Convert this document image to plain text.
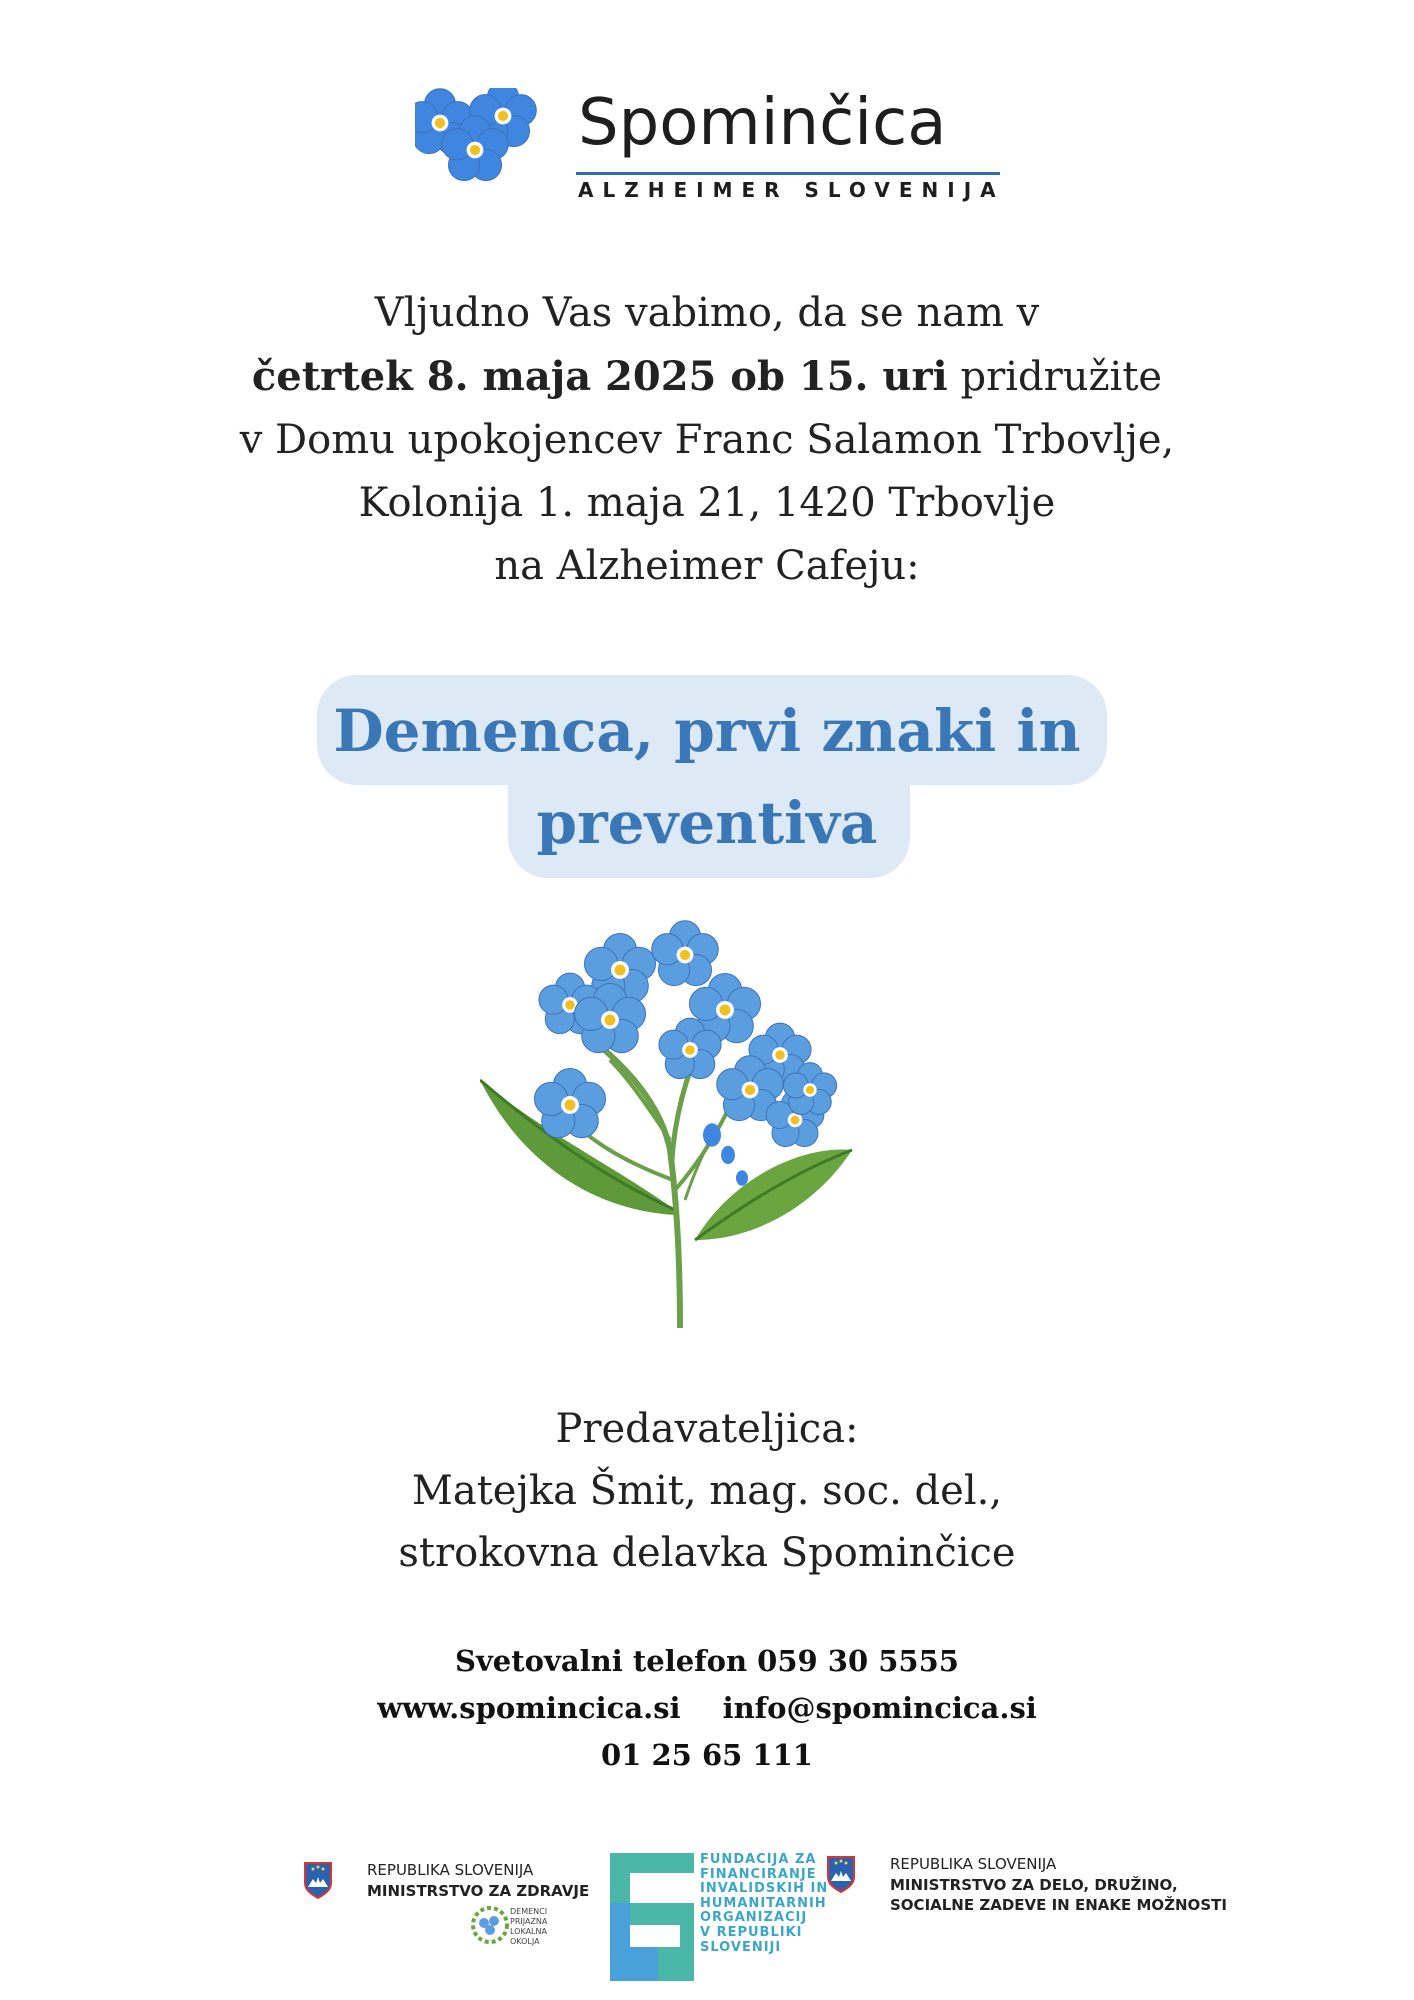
Spominčica
ALZHEIMER SLOVENIJA
Vljudno Vas vabimo, da se nam v
četrtek 8. maja 2025 ob 15. uri pridružite
v Domu upokojencev Franc Salamon Trbovlje,
Kolonija 1. maja 21, 1420 Trbovlje
na Alzheimer Cafeju:
Demenca, prvi znaki in
preventiva
Predavateljica:
Matejka Šmit, mag. soc. del.,
strokovna delavka Spominčice
Svetovalni telefon 059 30 5555
www.spomincica.si info@spomincica.si
01 25 65 111
REPUBLIKA SLOVENIJA
MINISTRSTVO ZA ZDRAVJE
DEMENCI
PRIJAZNA
LOKALNA
OKOLJA
FUNDACIJA ZA
FINANCIRANJE
INVALIDSKIH IN
HUMANITARNIH
ORGANIZACIJ
V REPUBLIKI
SLOVENIJI
REPUBLIKA SLOVENIJA
MINISTRSTVO ZA DELO, DRUŽINO,
SOCIALNE ZADEVE IN ENAKE MOŽNOSTI
